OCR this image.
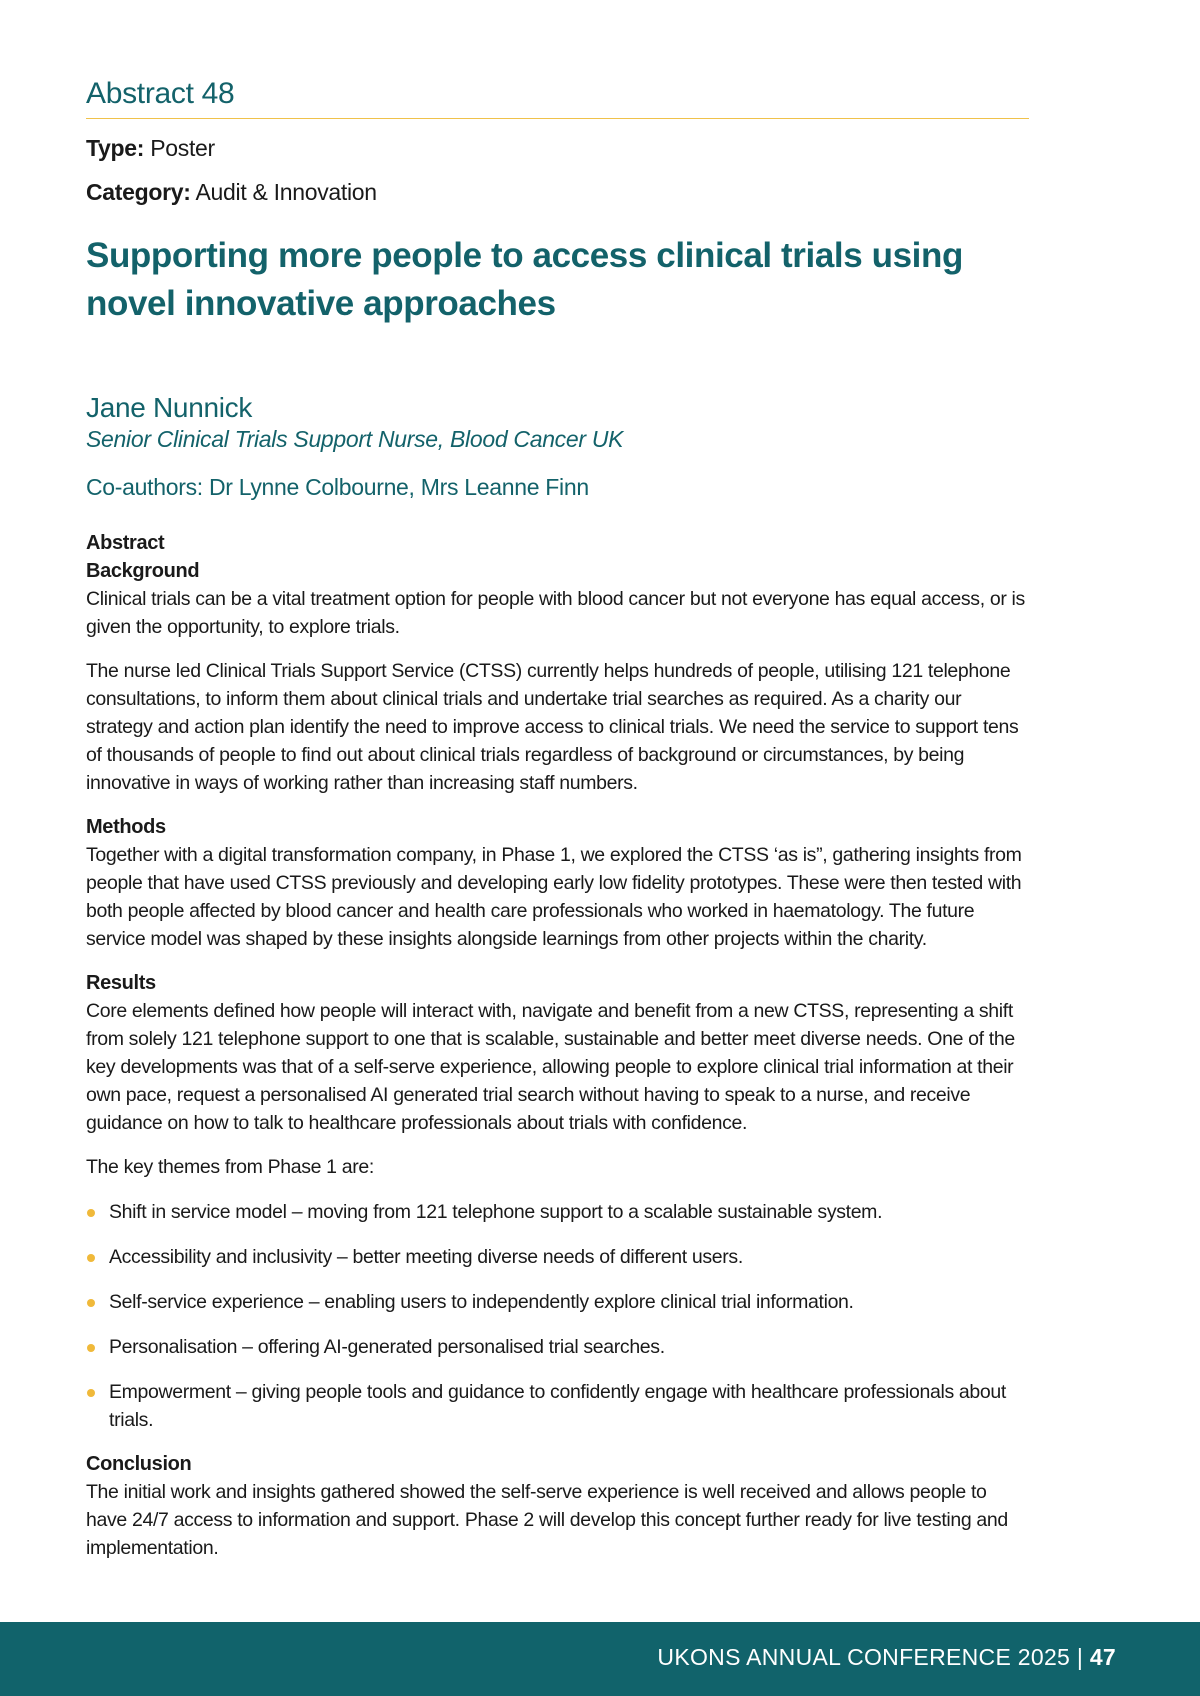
Abstract 48
Type: Poster
Category: Audit & Innovation
Supporting more people to access clinical trials using
novel innovative approaches
Jane Nunnick
Senior Clinical Trials Support Nurse, Blood Cancer UK
Co-authors: Dr Lynne Colbourne, Mrs Leanne Finn
Abstract
Background

Clinical trials can be a vital treatment option for people with blood cancer but not everyone has equal access, or is given the opportunity, to explore trials.

The nurse led Clinical Trials Support Service (CTSS) currently helps hundreds of people, utilising 121 telephone consultations, to inform them about clinical trials and undertake trial searches as required. As a charity our strategy and action plan identify the need to improve access to clinical trials. We need the service to support tens of thousands of people to find out about clinical trials regardless of background or circumstances, by being innovative in ways of working rather than increasing staff numbers.

Methods

Together with a digital transformation company, in Phase 1, we explored the CTSS ‘as is”, gathering insights from people that have used CTSS previously and developing early low fidelity prototypes. These were then tested with both people affected by blood cancer and health care professionals who worked in haematology. The future service model was shaped by these insights alongside learnings from other projects within the charity.

Results

Core elements defined how people will interact with, navigate and benefit from a new CTSS, representing a shift from solely 121 telephone support to one that is scalable, sustainable and better meet diverse needs. One of the key developments was that of a self-serve experience, allowing people to explore clinical trial information at their own pace, request a personalised AI generated trial search without having to speak to a nurse, and receive guidance on how to talk to healthcare professionals about trials with confidence.

The key themes from Phase 1 are:

Shift in service model – moving from 121 telephone support to a scalable sustainable system.
Accessibility and inclusivity – better meeting diverse needs of different users.
Self-service experience – enabling users to independently explore clinical trial information.
Personalisation – offering AI-generated personalised trial searches.
Empowerment – giving people tools and guidance to confidently engage with healthcare professionals about trials.
Conclusion

The initial work and insights gathered showed the self-serve experience is well received and allows people to have 24/7 access to information and support. Phase 2 will develop this concept further ready for live testing and implementation.

UKONS ANNUAL CONFERENCE 2025 | 47
